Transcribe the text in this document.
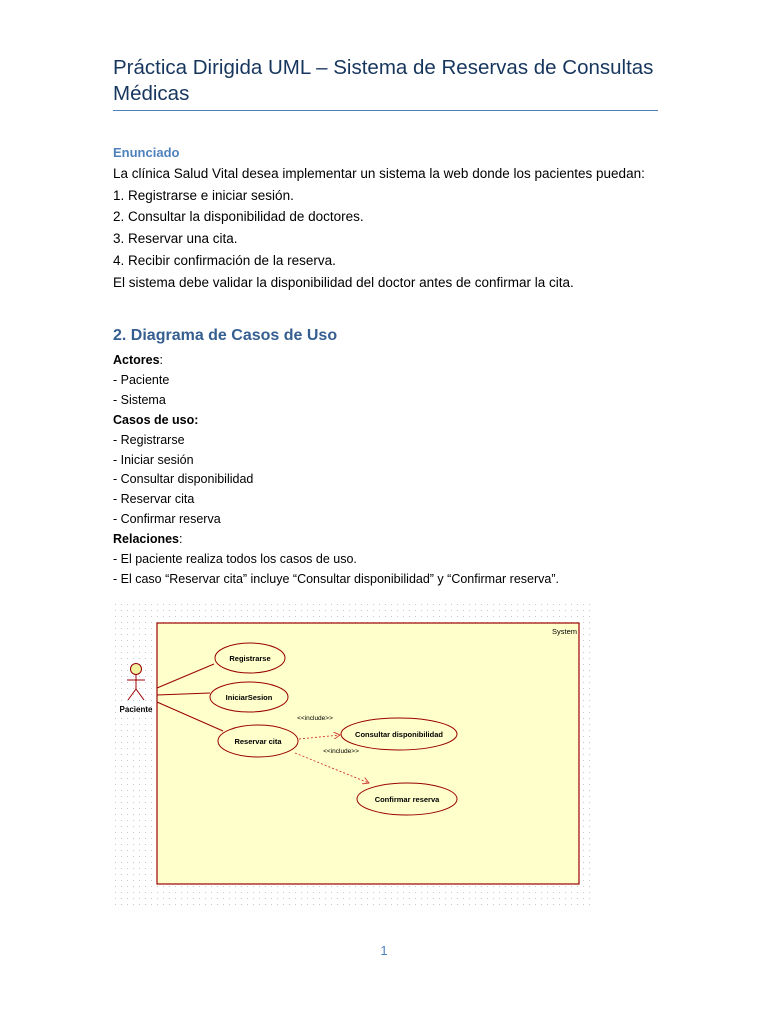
Práctica Dirigida UML – Sistema de Reservas de Consultas
Médicas
Enunciado
La clínica Salud Vital desea implementar un sistema la web donde los pacientes puedan:
1. Registrarse e iniciar sesión.
2. Consultar la disponibilidad de doctores.
3. Reservar una cita.
4. Recibir confirmación de la reserva.
El sistema debe validar la disponibilidad del doctor antes de confirmar la cita.
2. Diagrama de Casos de Uso
Actores:
- Paciente
- Sistema
Casos de uso:
- Registrarse
- Iniciar sesión
- Consultar disponibilidad
- Reservar cita
- Confirmar reserva
Relaciones:
- El paciente realiza todos los casos de uso.
- El caso “Reservar cita” incluye “Consultar disponibilidad” y “Confirmar reserva”.
System
Paciente
Registrarse
IniciarSesion
Reservar cita
Consultar disponibilidad
Confirmar reserva
<<include>>
<<include>>
1
